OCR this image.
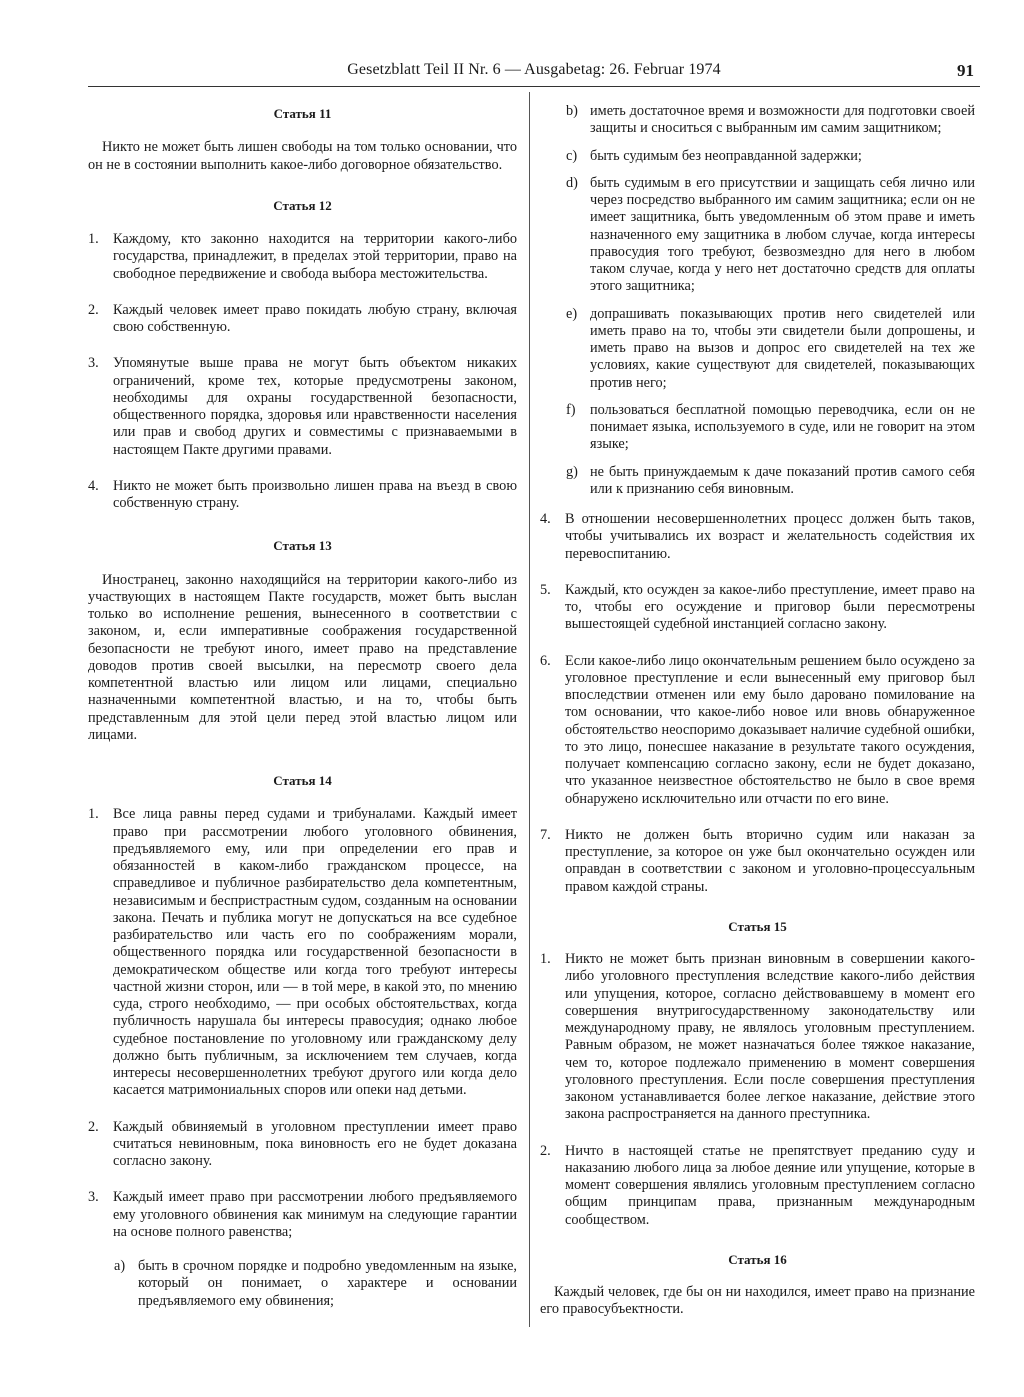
Gesetzblatt Teil II Nr. 6 — Ausgabetag: 26. Februar 1974	91

Статья 11

Никто не может быть лишен свободы на том только основании, что он не в состоянии выполнить какое-либо договорное обязательство.

Статья 12

1. Каждому, кто законно находится на территории какого-либо государства, принадлежит, в пределах этой территории, право на свободное передвижение и свобода выбора местожительства.
2. Каждый человек имеет право покидать любую страну, включая свою собственную.
3. Упомянутые выше права не могут быть объектом никаких ограничений, кроме тех, которые предусмотрены законом, необходимы для охраны государственной безопасности, общественного порядка, здоровья или нравственности населения или прав и свобод других и совместимы с признаваемыми в настоящем Пакте другими правами.
4. Никто не может быть произвольно лишен права на въезд в свою собственную страну.

Статья 13

Иностранец, законно находящийся на территории какого-либо из участвующих в настоящем Пакте государств, может быть выслан только во исполнение решения, вынесенного в соответствии с законом, и, если императивные соображения государственной безопасности не требуют иного, имеет право на представление доводов против своей высылки, на пересмотр своего дела компетентной властью или лицом или лицами, специально назначенными компетентной властью, и на то, чтобы быть представленным для этой цели перед этой властью лицом или лицами.

Статья 14

1. Все лица равны перед судами и трибуналами. Каждый имеет право при рассмотрении любого уголовного обвинения, предъявляемого ему, или при определении его прав и обязанностей в каком-либо гражданском процессе, на справедливое и публичное разбирательство дела компетентным, независимым и беспристрастным судом, созданным на основании закона. Печать и публика могут не допускаться на все судебное разбирательство или часть его по соображениям морали, общественного порядка или государственной безопасности в демократическом обществе или когда того требуют интересы частной жизни сторон, или — в той мере, в какой это, по мнению суда, строго необходимо, — при особых обстоятельствах, когда публичность нарушала бы интересы правосудия; однако любое судебное постановление по уголовному или гражданскому делу должно быть публичным, за исключением тем случаев, когда интересы несовершеннолетних требуют другого или когда дело касается матримониальных споров или опеки над детьми.
2. Каждый обвиняемый в уголовном преступлении имеет право считаться невиновным, пока виновность его не будет доказана согласно закону.
3. Каждый имеет право при рассмотрении любого предъявляемого ему уголовного обвинения как минимум на следующие гарантии на основе полного равенства;
a) быть в срочном порядке и подробно уведомленным на языке, который он понимает, о характере и основании предъявляемого ему обвинения;
b) иметь достаточное время и возможности для подготовки своей защиты и сноситься с выбранным им самим защитником;
c) быть судимым без неоправданной задержки;
d) быть судимым в его присутствии и защищать себя лично или через посредство выбранного им самим защитника; если он не имеет защитника, быть уведомленным об этом праве и иметь назначенного ему защитника в любом случае, когда интересы правосудия того требуют, безвозмездно для него в любом таком случае, когда у него нет достаточно средств для оплаты этого защитника;
e) допрашивать показывающих против него свидетелей или иметь право на то, чтобы эти свидетели были допрошены, и иметь право на вызов и допрос его свидетелей на тех же условиях, какие существуют для свидетелей, показывающих против него;
f)	пользоваться бесплатной помощью переводчика, если он не понимает языка, используемого в суде, или не говорит на этом языке;
g) не быть принуждаемым к даче показаний против самого себя или к признанию себя виновным.
4. В отношении несовершеннолетних процесс должен быть таков, чтобы учитывались их возраст и желательность содействия их перевоспитанию.
5. Каждый, кто осужден за какое-либо преступление, имеет право на то, чтобы его осуждение и приговор были пересмотрены вышестоящей судебной инстанцией согласно закону.
6. Если какое-либо лицо окончательным решением было осуждено за уголовное преступление и если вынесенный ему приговор был впоследствии отменен или ему было даровано помилование на том основании, что какое-либо новое или вновь обнаруженное обстоятельство неоспоримо доказывает наличие судебной ошибки, то это лицо, понесшее наказание в результате такого осуждения, получает компенсацию согласно закону, если не будет доказано, что указанное неизвестное обстоятельство не было в свое время обнаружено исключительно или отчасти по его вине.
7. Никто не должен быть вторично судим или наказан за преступление, за которое он уже был окончательно осужден или оправдан в соответствии с законом и уголовно-процессуальным правом каждой страны.

Статья 15

1. Никто не может быть признан виновным в совершении какого-либо уголовного преступления вследствие какого-либо действия или упущения, которое, согласно действовавшему в момент его совершения внутригосударственному законодательству или международному праву, не являлось уголовным преступлением. Равным образом, не может назначаться более тяжкое наказание, чем то, которое подлежало применению в момент совершения уголовного преступления. Если после совершения преступления законом устанавливается более легкое наказание, действие этого закона распространяется на данного преступника.
2. Ничто в настоящей статье не препятствует преданию суду и наказанию любого лица за любое деяние или упущение, которые в момент совершения являлись уголовным преступлением согласно общим принципам права, признанным международным сообществом.

Статья 16

Каждый человек, где бы он ни находился, имеет право на признание его правосубъектности.
